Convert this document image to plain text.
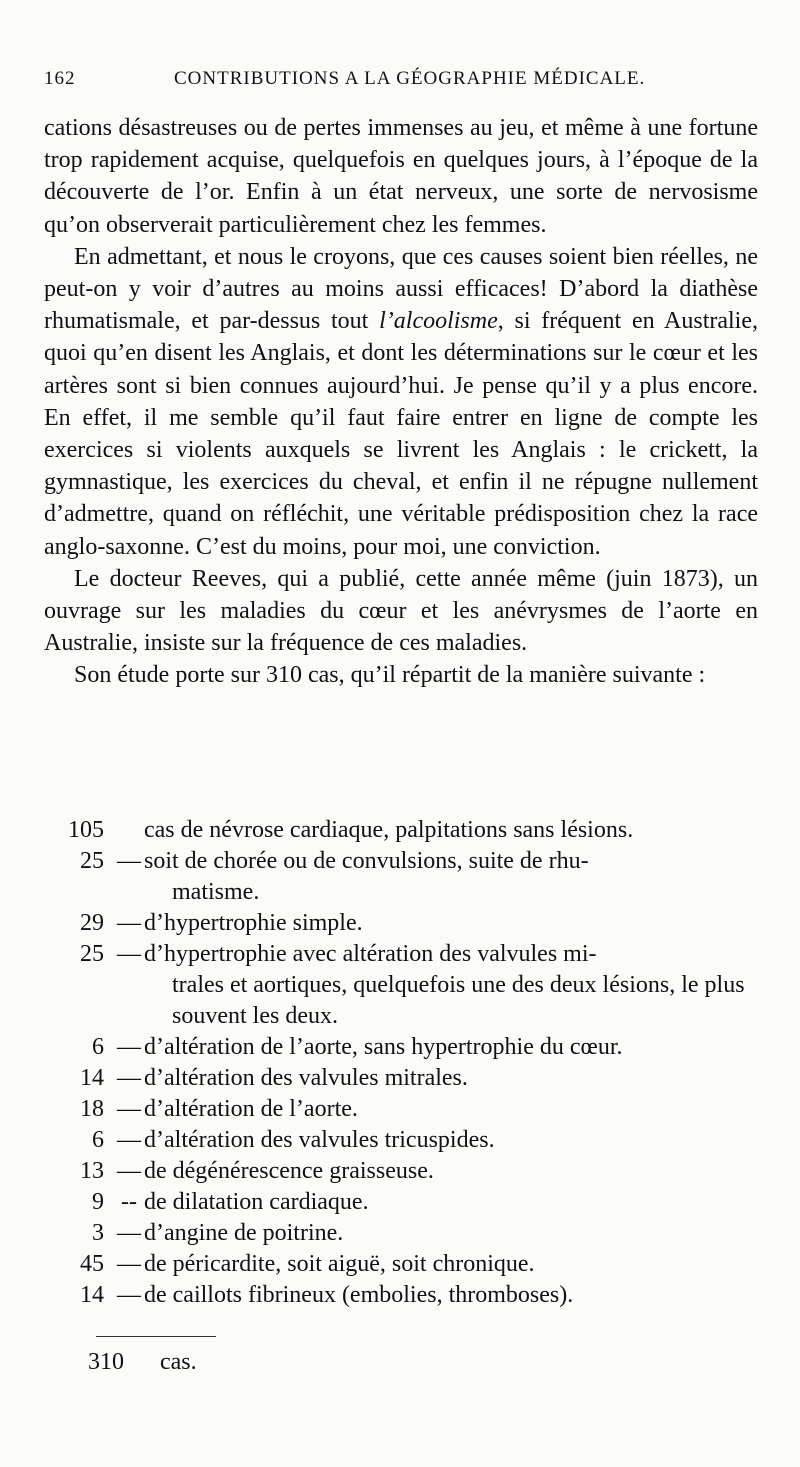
162	CONTRIBUTIONS A LA GÉOGRAPHIE MÉDICALE.

cations désastreuses ou de pertes immenses au jeu, et même à une fortune trop rapidement acquise, quelquefois en quelques jours, à l’époque de la découverte de l’or. Enfin à un état nerveux, une sorte de nervosisme qu’on observerait particulièrement chez les femmes.

En admettant, et nous le croyons, que ces causes soient bien réelles, ne peut-on y voir d’autres au moins aussi efficaces! D’abord la diathèse rhumatismale, et par-dessus tout l’alcoolisme, si fréquent en Australie, quoi qu’en disent les Anglais, et dont les déterminations sur le cœur et les artères sont si bien connues aujourd’hui. Je pense qu’il y a plus encore. En effet, il me semble qu’il faut faire entrer en ligne de compte les exercices si violents auxquels se livrent les Anglais : le crickett, la gymnastique, les exercices du cheval, et enfin il ne répugne nullement d’admettre, quand on réfléchit, une véritable prédisposition chez la race anglo-saxonne. C’est du moins, pour moi, une conviction.

Le docteur Reeves, qui a publié, cette année même (juin 1873), un ouvrage sur les maladies du cœur et les anévrysmes de l’aorte en Australie, insiste sur la fréquence de ces maladies.

Son étude porte sur 310 cas, qu’il répartit de la manière suivante :

105 cas de névrose cardiaque, palpitations sans lésions.
25 — soit de chorée ou de convulsions, suite de rhu-
matisme.
29 — d’hypertrophie simple.
25 — d’hypertrophie avec altération des valvules mi-
trales et aortiques, quelquefois une des deux lésions, le plus souvent les deux.
6 — d’altération de l’aorte, sans hypertrophie du cœur.
14 — d’altération des valvules mitrales.
18 — d’altération de l’aorte.
6 — d’altération des valvules tricuspides.
13 — de dégénérescence graisseuse.
9 -- de dilatation cardiaque.
3 — d’angine de poitrine.
45 — de péricardite, soit aiguë, soit chronique.
14 — de caillots fibrineux (embolies, thromboses).
310 cas.
